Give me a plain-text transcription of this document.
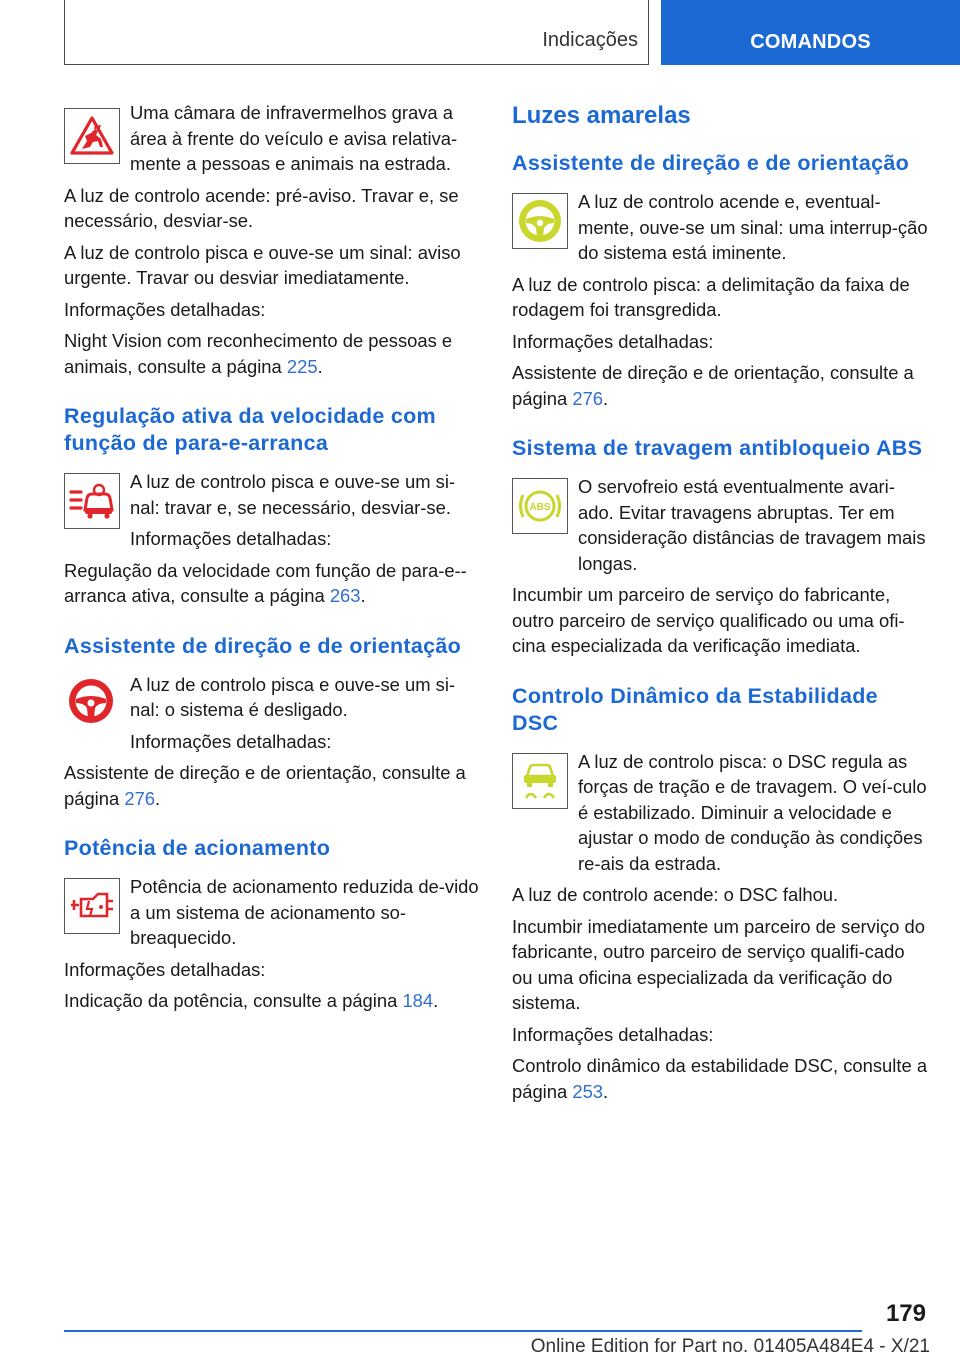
Indicações	COMANDOS

Uma câmara de infravermelhos grava a área à frente do veículo e avisa relativa-mente a pessoas e animais na estrada.

A luz de controlo acende: pré-aviso. Travar e, se necessário, desviar-se.

A luz de controlo pisca e ouve-se um sinal: aviso urgente. Travar ou desviar imediatamente.

Informações detalhadas:

Night Vision com reconhecimento de pessoas e animais, consulte a página 225.

Regulação ativa da velocidade com função de para-e-arranca

A luz de controlo pisca e ouve-se um si-nal: travar e, se necessário, desviar-se.

Informações detalhadas:

Regulação da velocidade com função de para-e--arranca ativa, consulte a página 263.

Assistente de direção e de orientação

A luz de controlo pisca e ouve-se um si-nal: o sistema é desligado.

Informações detalhadas:

Assistente de direção e de orientação, consulte a página 276.

Potência de acionamento

Potência de acionamento reduzida de-vido a um sistema de acionamento so-breaquecido.

Informações detalhadas:

Indicação da potência, consulte a página 184.

Luzes amarelas
Assistente de direção e de orientação

A luz de controlo acende e, eventual-mente, ouve-se um sinal: uma interrup-ção do sistema está iminente.

A luz de controlo pisca: a delimitação da faixa de rodagem foi transgredida.

Informações detalhadas:

Assistente de direção e de orientação, consulte a página 276.

Sistema de travagem antibloqueio ABS
ABS

O servofreio está eventualmente avari-ado. Evitar travagens abruptas. Ter em consideração distâncias de travagem mais longas.

Incumbir um parceiro de serviço do fabricante, outro parceiro de serviço qualificado ou uma ofi-cina especializada da verificação imediata.

Controlo Dinâmico da Estabilidade DSC

A luz de controlo pisca: o DSC regula as forças de tração e de travagem. O veí-culo é estabilizado. Diminuir a velocidade e ajustar o modo de condução às condições re-ais da estrada.

A luz de controlo acende: o DSC falhou.

Incumbir imediatamente um parceiro de serviço do fabricante, outro parceiro de serviço qualifi-cado ou uma oficina especializada da verificação do sistema.

Informações detalhadas:

Controlo dinâmico da estabilidade DSC, consulte a página 253.

179
Online Edition for Part no. 01405A484E4 - X/21
